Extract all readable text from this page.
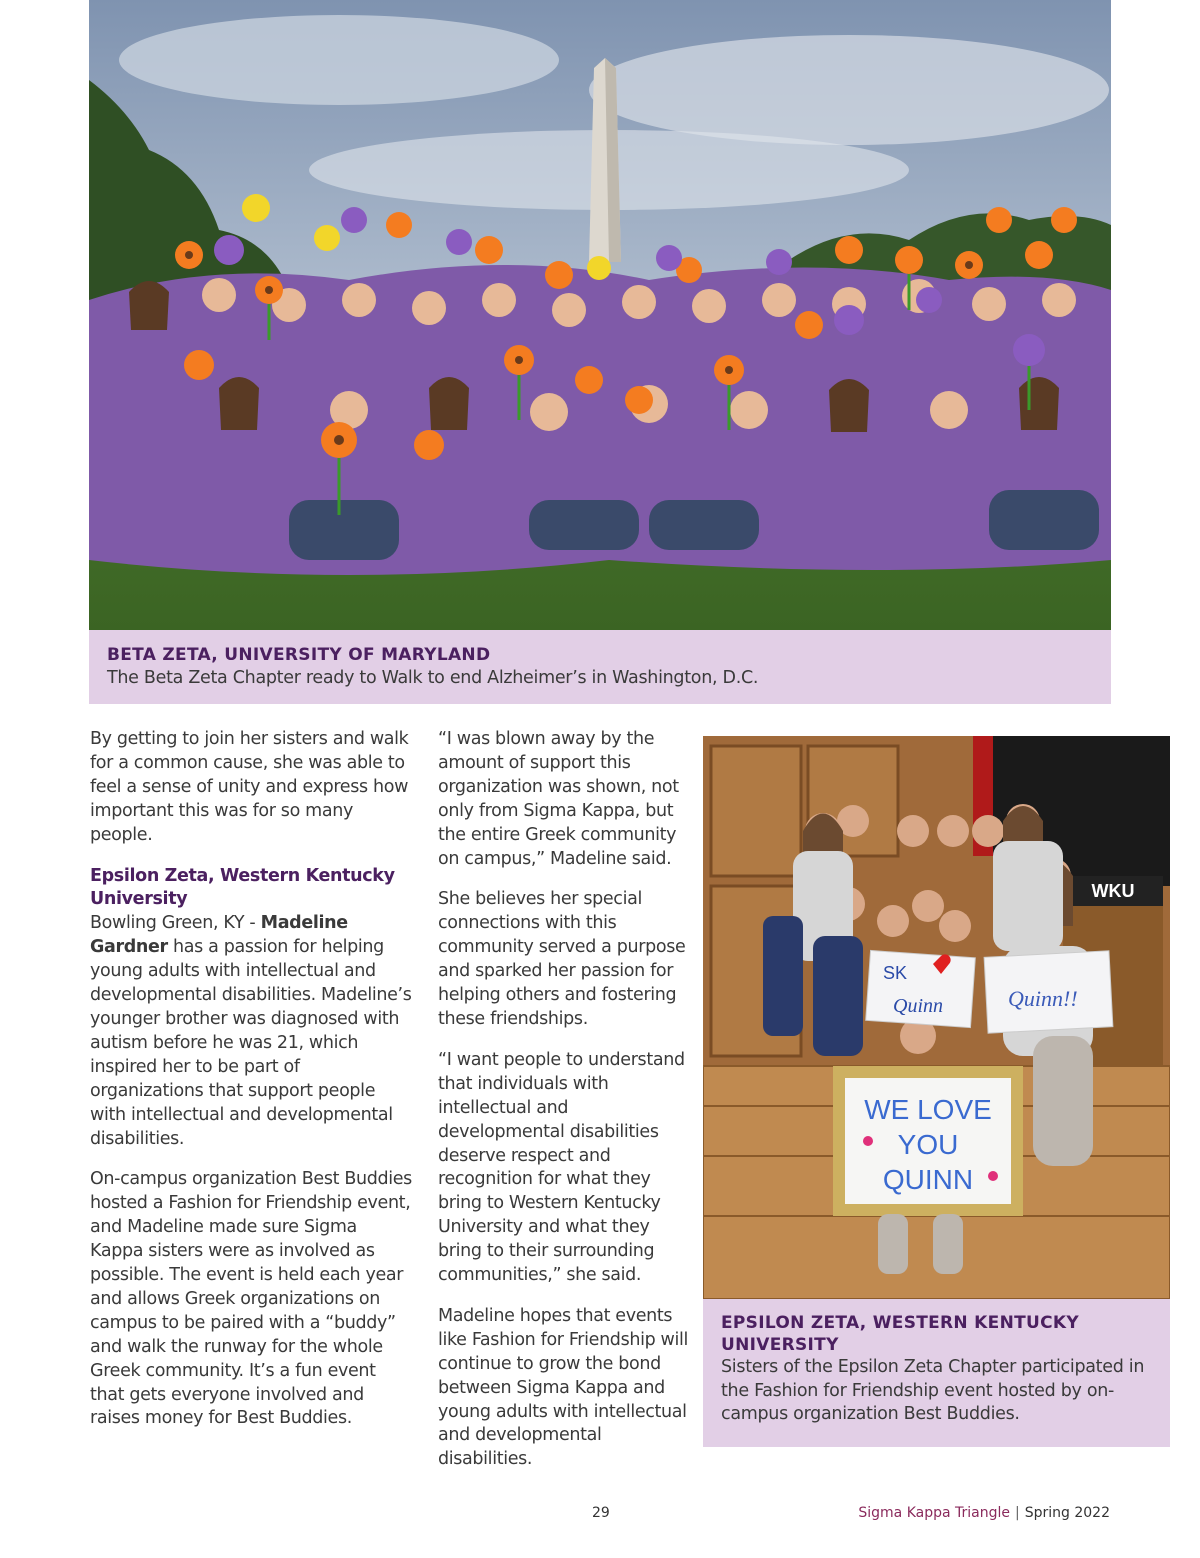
BETA ZETA, UNIVERSITY OF MARYLAND
The Beta Zeta Chapter ready to Walk to end Alzheimer’s in Washington, D.C.

By getting to join her sisters and walk for a common cause, she was able to feel a sense of unity and express how important this was for so many people.

Epsilon Zeta, Western Kentucky University
Bowling Green, KY - Madeline Gardner has a passion for helping young adults with intellectual and developmental disabilities. Madeline’s younger brother was diagnosed with autism before he was 21, which inspired her to be part of organizations that support people with intellectual and developmental disabilities.

On-campus organization Best Buddies hosted a Fashion for Friendship event, and Madeline made sure Sigma Kappa sisters were as involved as possible. The event is held each year and allows Greek organizations on campus to be paired with a “buddy” and walk the runway for the whole Greek community. It’s a fun event that gets everyone involved and raises money for Best Buddies.

“I was blown away by the amount of support this organization was shown, not only from Sigma Kappa, but the entire Greek community on campus,” Madeline said.

She believes her special connections with this community served a purpose and sparked her passion for helping others and fostering these friendships.

“I want people to understand that individuals with intellectual and developmental disabilities deserve respect and recognition for what they bring to Western Kentucky University and what they bring to their surrounding communities,” she said.

Madeline hopes that events like Fashion for Friendship will continue to grow the bond between Sigma Kappa and young adults with intellectual and developmental disabilities.

WKU
SK
Quinn	Quinn!!
WE LOVE
YOU
QUINN
EPSILON ZETA, WESTERN KENTUCKY UNIVERSITY
Sisters of the Epsilon Zeta Chapter participated in the Fashion for Friendship event hosted by on-campus organization Best Buddies.
29	Sigma Kappa Triangle | Spring 2022
